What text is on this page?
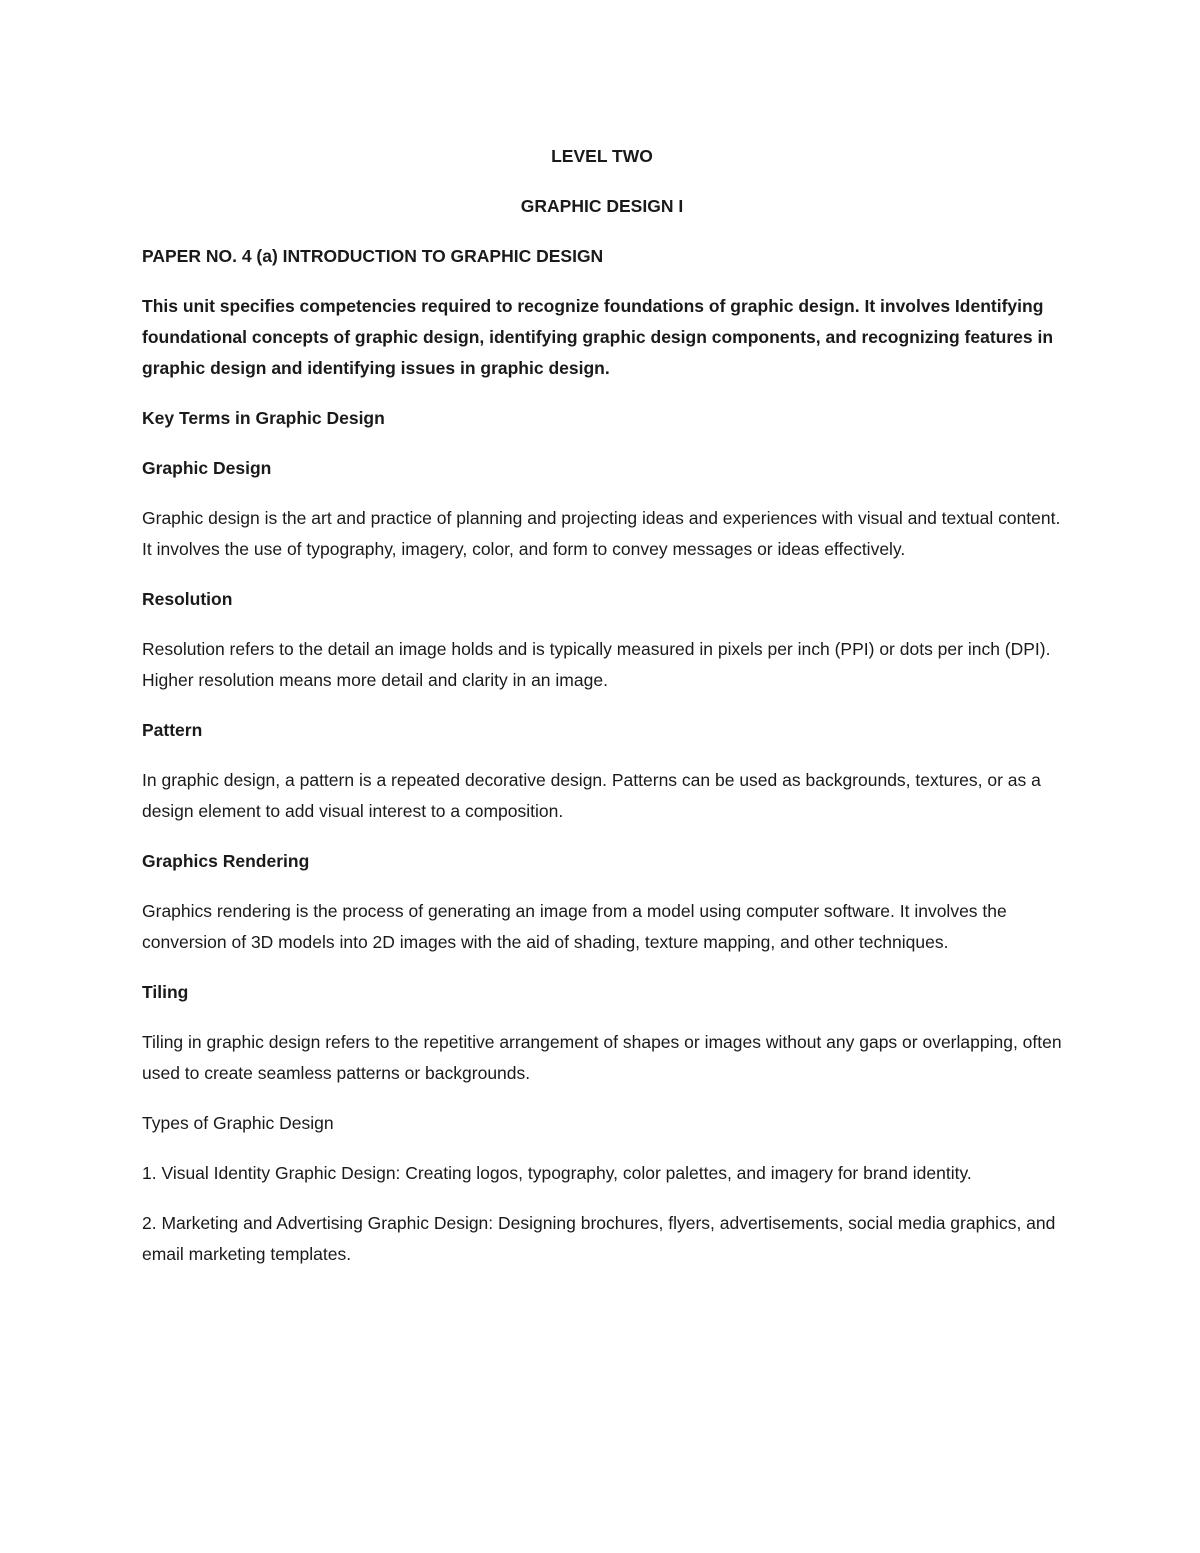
LEVEL TWO

GRAPHIC DESIGN I

PAPER NO. 4 (a) INTRODUCTION TO GRAPHIC DESIGN

This unit specifies competencies required to recognize foundations of graphic design. It involves Identifying foundational concepts of graphic design, identifying graphic design components, and recognizing features in graphic design and identifying issues in graphic design.

Key Terms in Graphic Design

Graphic Design

Graphic design is the art and practice of planning and projecting ideas and experiences with visual and textual content. It involves the use of typography, imagery, color, and form to convey messages or ideas effectively.

Resolution

Resolution refers to the detail an image holds and is typically measured in pixels per inch (PPI) or dots per inch (DPI). Higher resolution means more detail and clarity in an image.

Pattern

In graphic design, a pattern is a repeated decorative design. Patterns can be used as backgrounds, textures, or as a design element to add visual interest to a composition.

Graphics Rendering

Graphics rendering is the process of generating an image from a model using computer software. It involves the conversion of 3D models into 2D images with the aid of shading, texture mapping, and other techniques.

Tiling

Tiling in graphic design refers to the repetitive arrangement of shapes or images without any gaps or overlapping, often used to create seamless patterns or backgrounds.

Types of Graphic Design

1. Visual Identity Graphic Design: Creating logos, typography, color palettes, and imagery for brand identity.

2. Marketing and Advertising Graphic Design: Designing brochures, flyers, advertisements, social media graphics, and email marketing templates.
